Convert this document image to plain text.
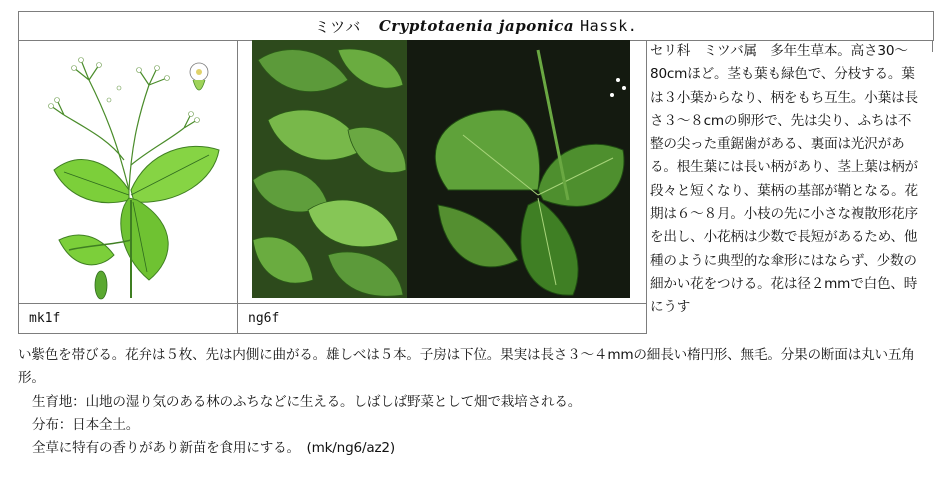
ミツバ Cryptotaenia japonica Hassk.
mk1f	ng6f
セリ科　ミツバ属　多年生草本。高さ30～80cmほど。茎も葉も緑色で、分枝する。葉は３小葉からなり、柄をもち互生。小葉は長さ３～８cmの卵形で、先は尖り、ふちは不整の尖った重鋸歯がある、裏面は光沢がある。根生葉には長い柄があり、茎上葉は柄が段々と短くなり、葉柄の基部が鞘となる。花期は６～８月。小枝の先に小さな複散形花序を出し、小花柄は少数で長短があるため、他種のように典型的な傘形にはならず、少数の細かい花をつける。花は径２mmで白色、時にうす

い紫色を帯びる。花弁は５枚、先は内側に曲がる。雄しべは５本。子房は下位。果実は長さ３～４mmの細長い楕円形、無毛。分果の断面は丸い五角形。

生育地：山地の湿り気のある林のふちなどに生える。しばしば野菜として畑で栽培される。

分布：日本全土。

全草に特有の香りがあり新苗を食用にする。　(mk/ng6/az2)
